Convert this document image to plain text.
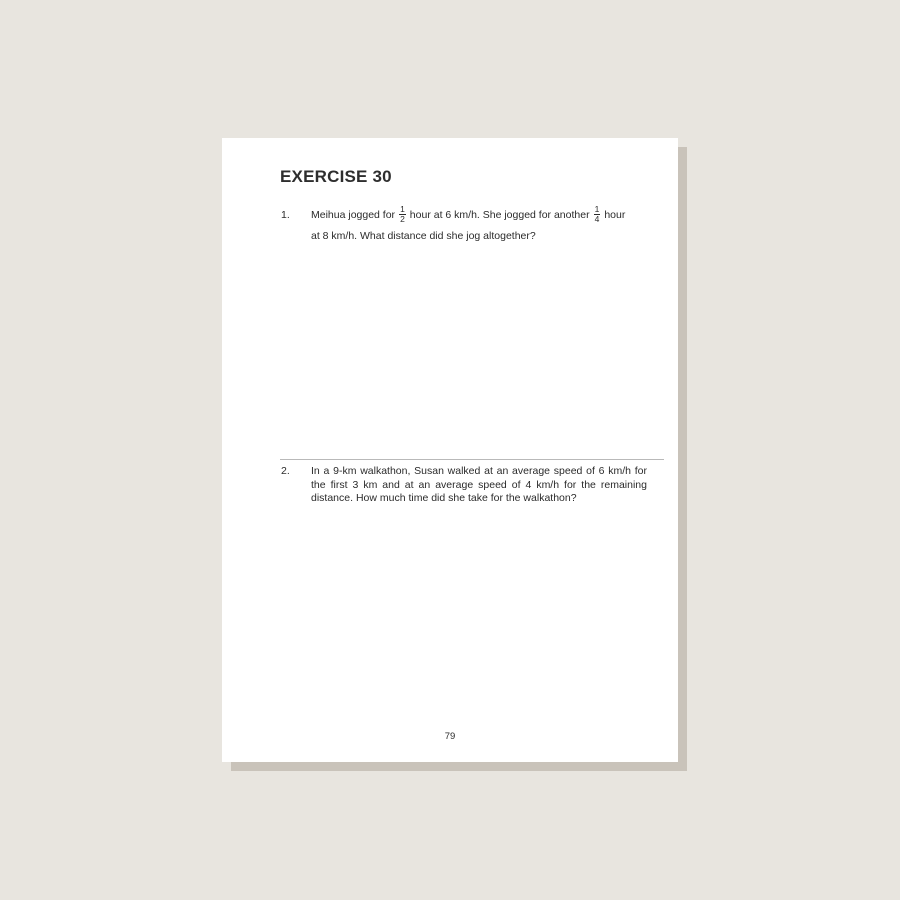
EXERCISE 30
1. Meihua jogged for $\frac{1}{2}$ hour at 6 km/h. She jogged for another $\frac{1}{4}$ hour
at 8 km/h. What distance did she jog altogether?
2. In a 9-km walkathon, Susan walked at an average speed of 6 km/h for the first 3 km and at an average speed of 4 km/h for the remaining distance. How much time did she take for the walkathon?
79
